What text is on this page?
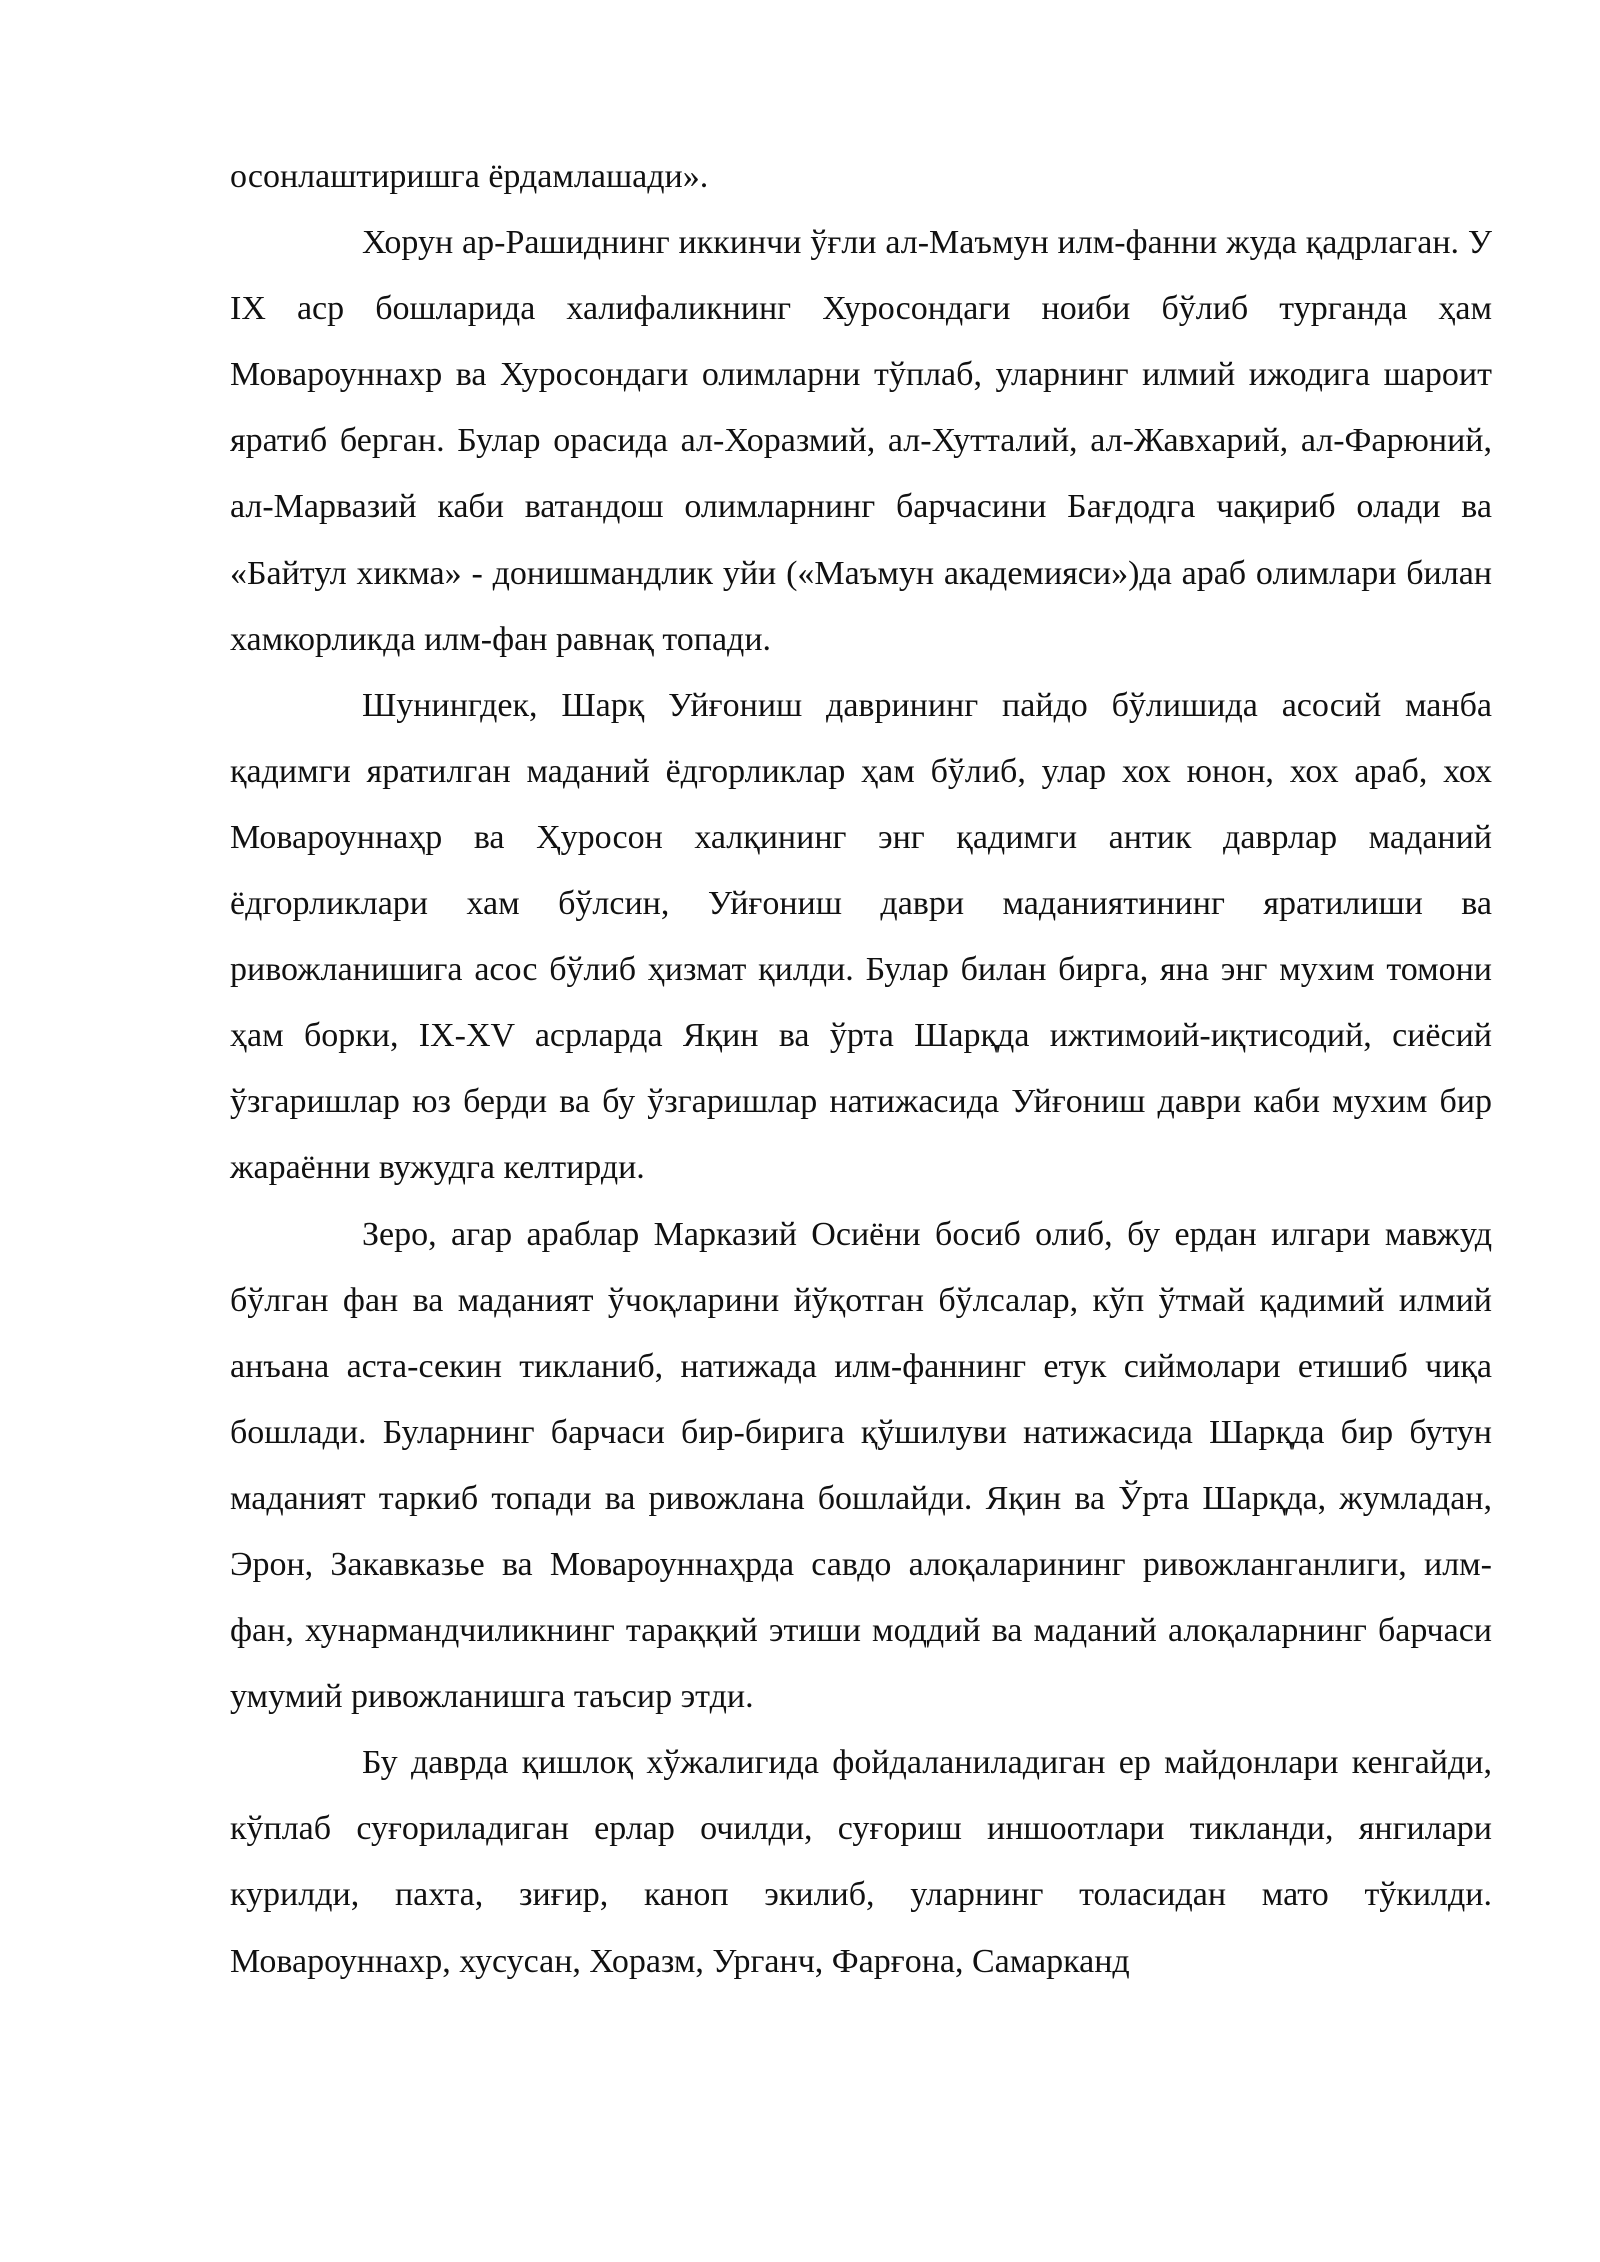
осонлаштиришга ёрдамлашади».

Хорун ар-Рашиднинг иккинчи ўғли ал-Маъмун илм-фанни жуда қадрлаган. У IX аср бошларида халифаликнинг Хуросондаги ноиби бўлиб турганда ҳам Мовароуннахр ва Хуросондаги олимларни тўплаб, уларнинг илмий ижодига шароит яратиб берган. Булар орасида ал-Хоразмий, ал-Хутталий, ал-Жавхарий, ал-Фарюний, ал-Марвазий каби ватандош олимларнинг барчасини Бағдодга чақириб олади ва «Байтул хикма» - донишмандлик уйи («Маъмун академияси»)да араб олимлари билан хамкорликда илм-фан равнақ топади.

Шунингдек, Шарқ Уйғониш даврининг пайдо бўлишида асосий манба қадимги яратилган маданий ёдгорликлар ҳам бўлиб, улар хох юнон, хох араб, хох Мовароуннаҳр ва Ҳуросон халқининг энг қадимги антик даврлар маданий ёдгорликлари хам бўлсин, Уйғониш даври маданиятининг яратилиши ва ривожланишига асос бўлиб ҳизмат қилди. Булар билан бирга, яна энг мухим томони ҳам борки, IX-XV асрларда Яқин ва ўрта Шарқда ижтимоий-иқтисодий, сиёсий ўзгаришлар юз берди ва бу ўзгаришлар натижасида Уйғониш даври каби мухим бир жараённи вужудга келтирди.

Зеро, агар араблар Марказий Осиёни босиб олиб, бу ердан илгари мавжуд бўлган фан ва маданият ўчоқларини йўқотган бўлсалар, кўп ўтмай қадимий илмий анъана аста-секин тикланиб, натижада илм-фаннинг етук сиймолари етишиб чиқа бошлади. Буларнинг барчаси бир-бирига қўшилуви натижасида Шарқда бир бутун маданият таркиб топади ва ривожлана бошлайди. Яқин ва Ўрта Шарқда, жумладан, Эрон, Закавказье ва Мовароуннаҳрда савдо алоқаларининг ривожланганлиги, илм-фан, хунармандчиликнинг тараққий этиши моддий ва маданий алоқаларнинг барчаси умумий ривожланишга таъсир этди.

Бу даврда қишлоқ хўжалигида фойдаланиладиган ер майдонлари кенгайди, кўплаб суғориладиган ерлар очилди, суғориш иншоотлари тикланди, янгилари курилди, пахта, зиғир, каноп экилиб, уларнинг толасидан мато тўкилди. Мовароуннахр, хусусан, Хоразм, Урганч, Фарғона, Самарканд
